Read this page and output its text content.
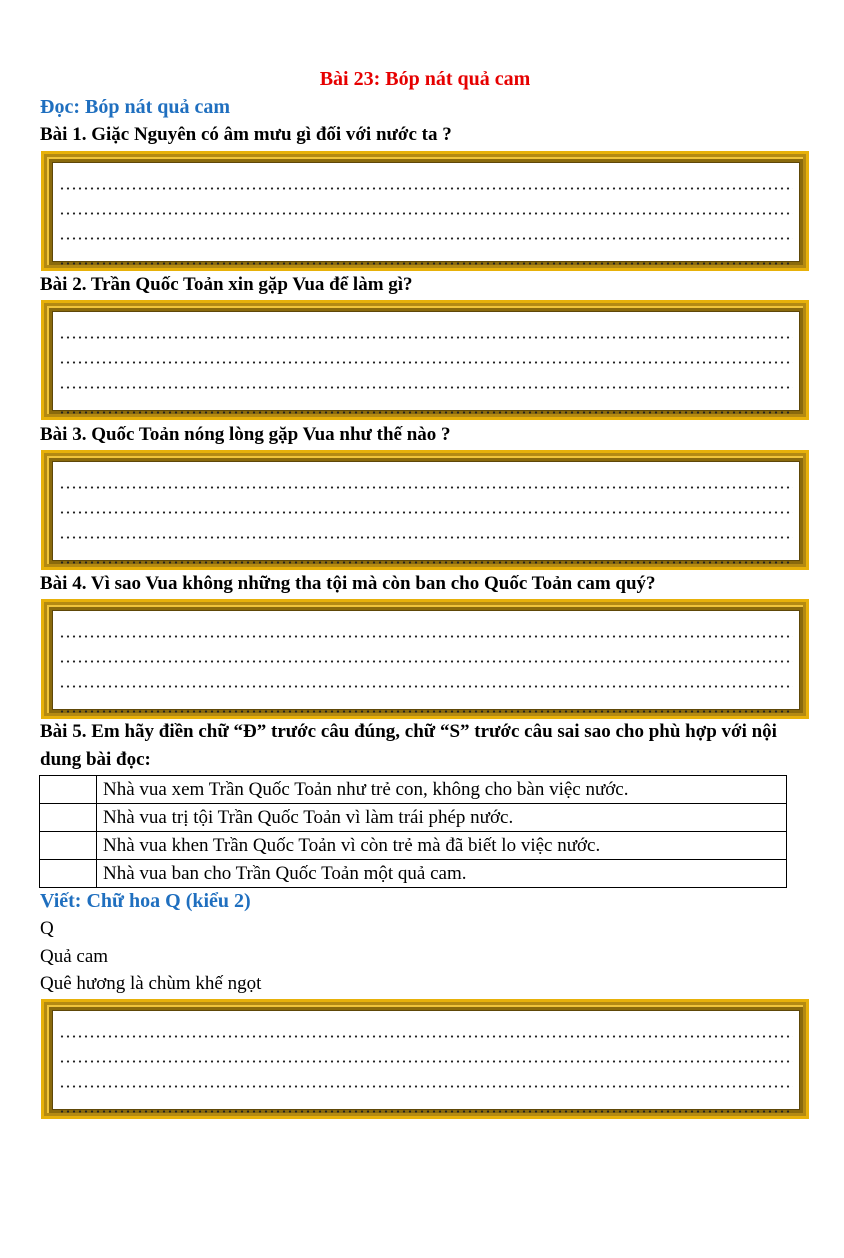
Bài 23: Bóp nát quả cam
Đọc: Bóp nát quả cam
Bài 1. Giặc Nguyên có âm mưu gì đối với nước ta ?
Bài 2. Trần Quốc Toản xin gặp Vua để làm gì?
Bài 3. Quốc Toản nóng lòng gặp Vua như thế nào ?
Bài 4. Vì sao Vua không những tha tội mà còn ban cho Quốc Toản cam quý?
Bài 5. Em hãy điền chữ “Đ” trước câu đúng, chữ “S” trước câu sai sao cho phù hợp với nội dung bài đọc:
	Nhà vua xem Trần Quốc Toản như trẻ con, không cho bàn việc nước.
	Nhà vua trị tội Trần Quốc Toản vì làm trái phép nước.
	Nhà vua khen Trần Quốc Toản vì còn trẻ mà đã biết lo việc nước.
	Nhà vua ban cho Trần Quốc Toản một quả cam.
Viết: Chữ hoa Q (kiểu 2)
Q
Quả cam
Quê hương là chùm khế ngọt
